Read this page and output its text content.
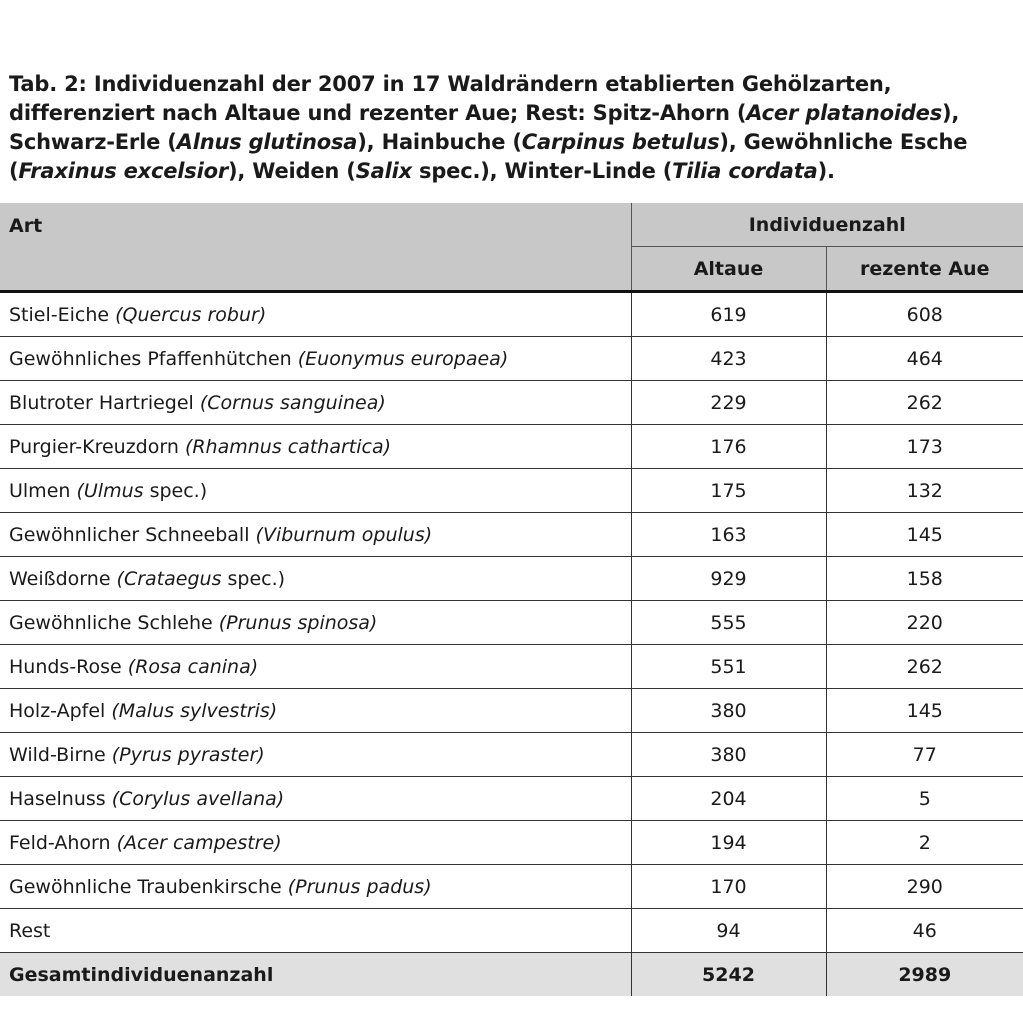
Tab. 2: Individuenzahl der 2007 in 17 Waldrändern etablierten Gehölzarten, differenziert nach Altaue und rezenter Aue; Rest: Spitz-Ahorn (Acer platanoides), Schwarz-Erle (Alnus glutinosa), Hainbuche (Carpinus betulus), Gewöhnliche Esche (Fraxinus excelsior), Weiden (Salix spec.), Winter-Linde (Tilia cordata).
Art	Individuenzahl	
	Altaue	rezente Aue
Stiel-Eiche (Quercus robur)	619	608
Gewöhnliches Pfaffenhütchen (Euonymus europaea)	423	464
Blutroter Hartriegel (Cornus sanguinea)	229	262
Purgier-Kreuzdorn (Rhamnus cathartica)	176	173
Ulmen (Ulmus spec.)	175	132
Gewöhnlicher Schneeball (Viburnum opulus)	163	145
Weißdorne (Crataegus spec.)	929	158
Gewöhnliche Schlehe (Prunus spinosa)	555	220
Hunds-Rose (Rosa canina)	551	262
Holz-Apfel (Malus sylvestris)	380	145
Wild-Birne (Pyrus pyraster)	380	77
Haselnuss (Corylus avellana)	204	5
Feld-Ahorn (Acer campestre)	194	2
Gewöhnliche Traubenkirsche (Prunus padus)	170	290
Rest	94	46
Gesamtindividuenanzahl	5242	2989
